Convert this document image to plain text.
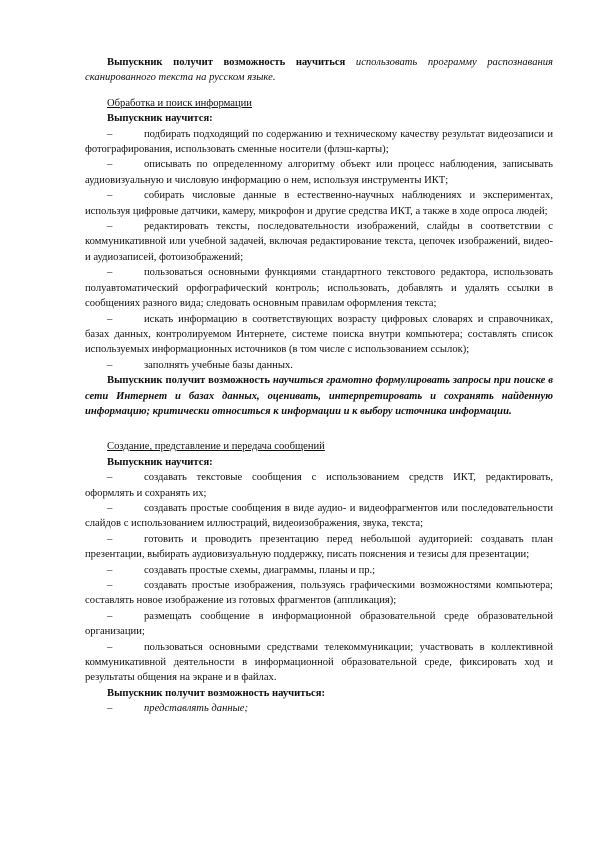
Выпускник получит возможность научиться использовать программу распознавания сканированного текста на русском языке.

Обработка и поиск информации

Выпускник научится:

–	подбирать подходящий по содержанию и техническому качеству результат видеозаписи и фотографирования, использовать сменные носители (флэш-карты);

–	описывать по определенному алгоритму объект или процесс наблюдения, записывать аудиовизуальную и числовую информацию о нем, используя инструменты ИКТ;

–	собирать числовые данные в естественно-научных наблюдениях и экспериментах, используя цифровые датчики, камеру, микрофон и другие средства ИКТ, а также в ходе опроса людей;

–	редактировать тексты, последовательности изображений, слайды в соответствии с коммуникативной или учебной задачей, включая редактирование текста, цепочек изображений, видео- и аудиозаписей, фотоизображений;

–	пользоваться основными функциями стандартного текстового редактора, использовать полуавтоматический орфографический контроль; использовать, добавлять и удалять ссылки в сообщениях разного вида; следовать основным правилам оформления текста;

–	искать информацию в соответствующих возрасту цифровых словарях и справочниках, базах данных, контролируемом Интернете, системе поиска внутри компьютера; составлять список используемых информационных источников (в том числе с использованием ссылок);

–	заполнять учебные базы данных.

Выпускник получит возможность научиться грамотно формулировать запросы при поиске в сети Интернет и базах данных, оценивать, интерпретировать и сохранять найденную информацию; критически относиться к информации и к выбору источника информации.

Создание, представление и передача сообщений

Выпускник научится:

–	создавать текстовые сообщения с использованием средств ИКТ, редактировать, оформлять и сохранять их;

–	создавать простые сообщения в виде аудио- и видеофрагментов или последовательности слайдов с использованием иллюстраций, видеоизображения, звука, текста;

–	готовить и проводить презентацию перед небольшой аудиторией: создавать план презентации, выбирать аудиовизуальную поддержку, писать пояснения и тезисы для презентации;

–	создавать простые схемы, диаграммы, планы и пр.;

–	создавать простые изображения, пользуясь графическими возможностями компьютера; составлять новое изображение из готовых фрагментов (аппликация);

–	размещать сообщение в информационной образовательной среде образовательной организации;

–	пользоваться основными средствами телекоммуникации; участвовать в коллективной коммуникативной деятельности в информационной образовательной среде, фиксировать ход и результаты общения на экране и в файлах.

Выпускник получит возможность научиться:

–	представлять данные;
